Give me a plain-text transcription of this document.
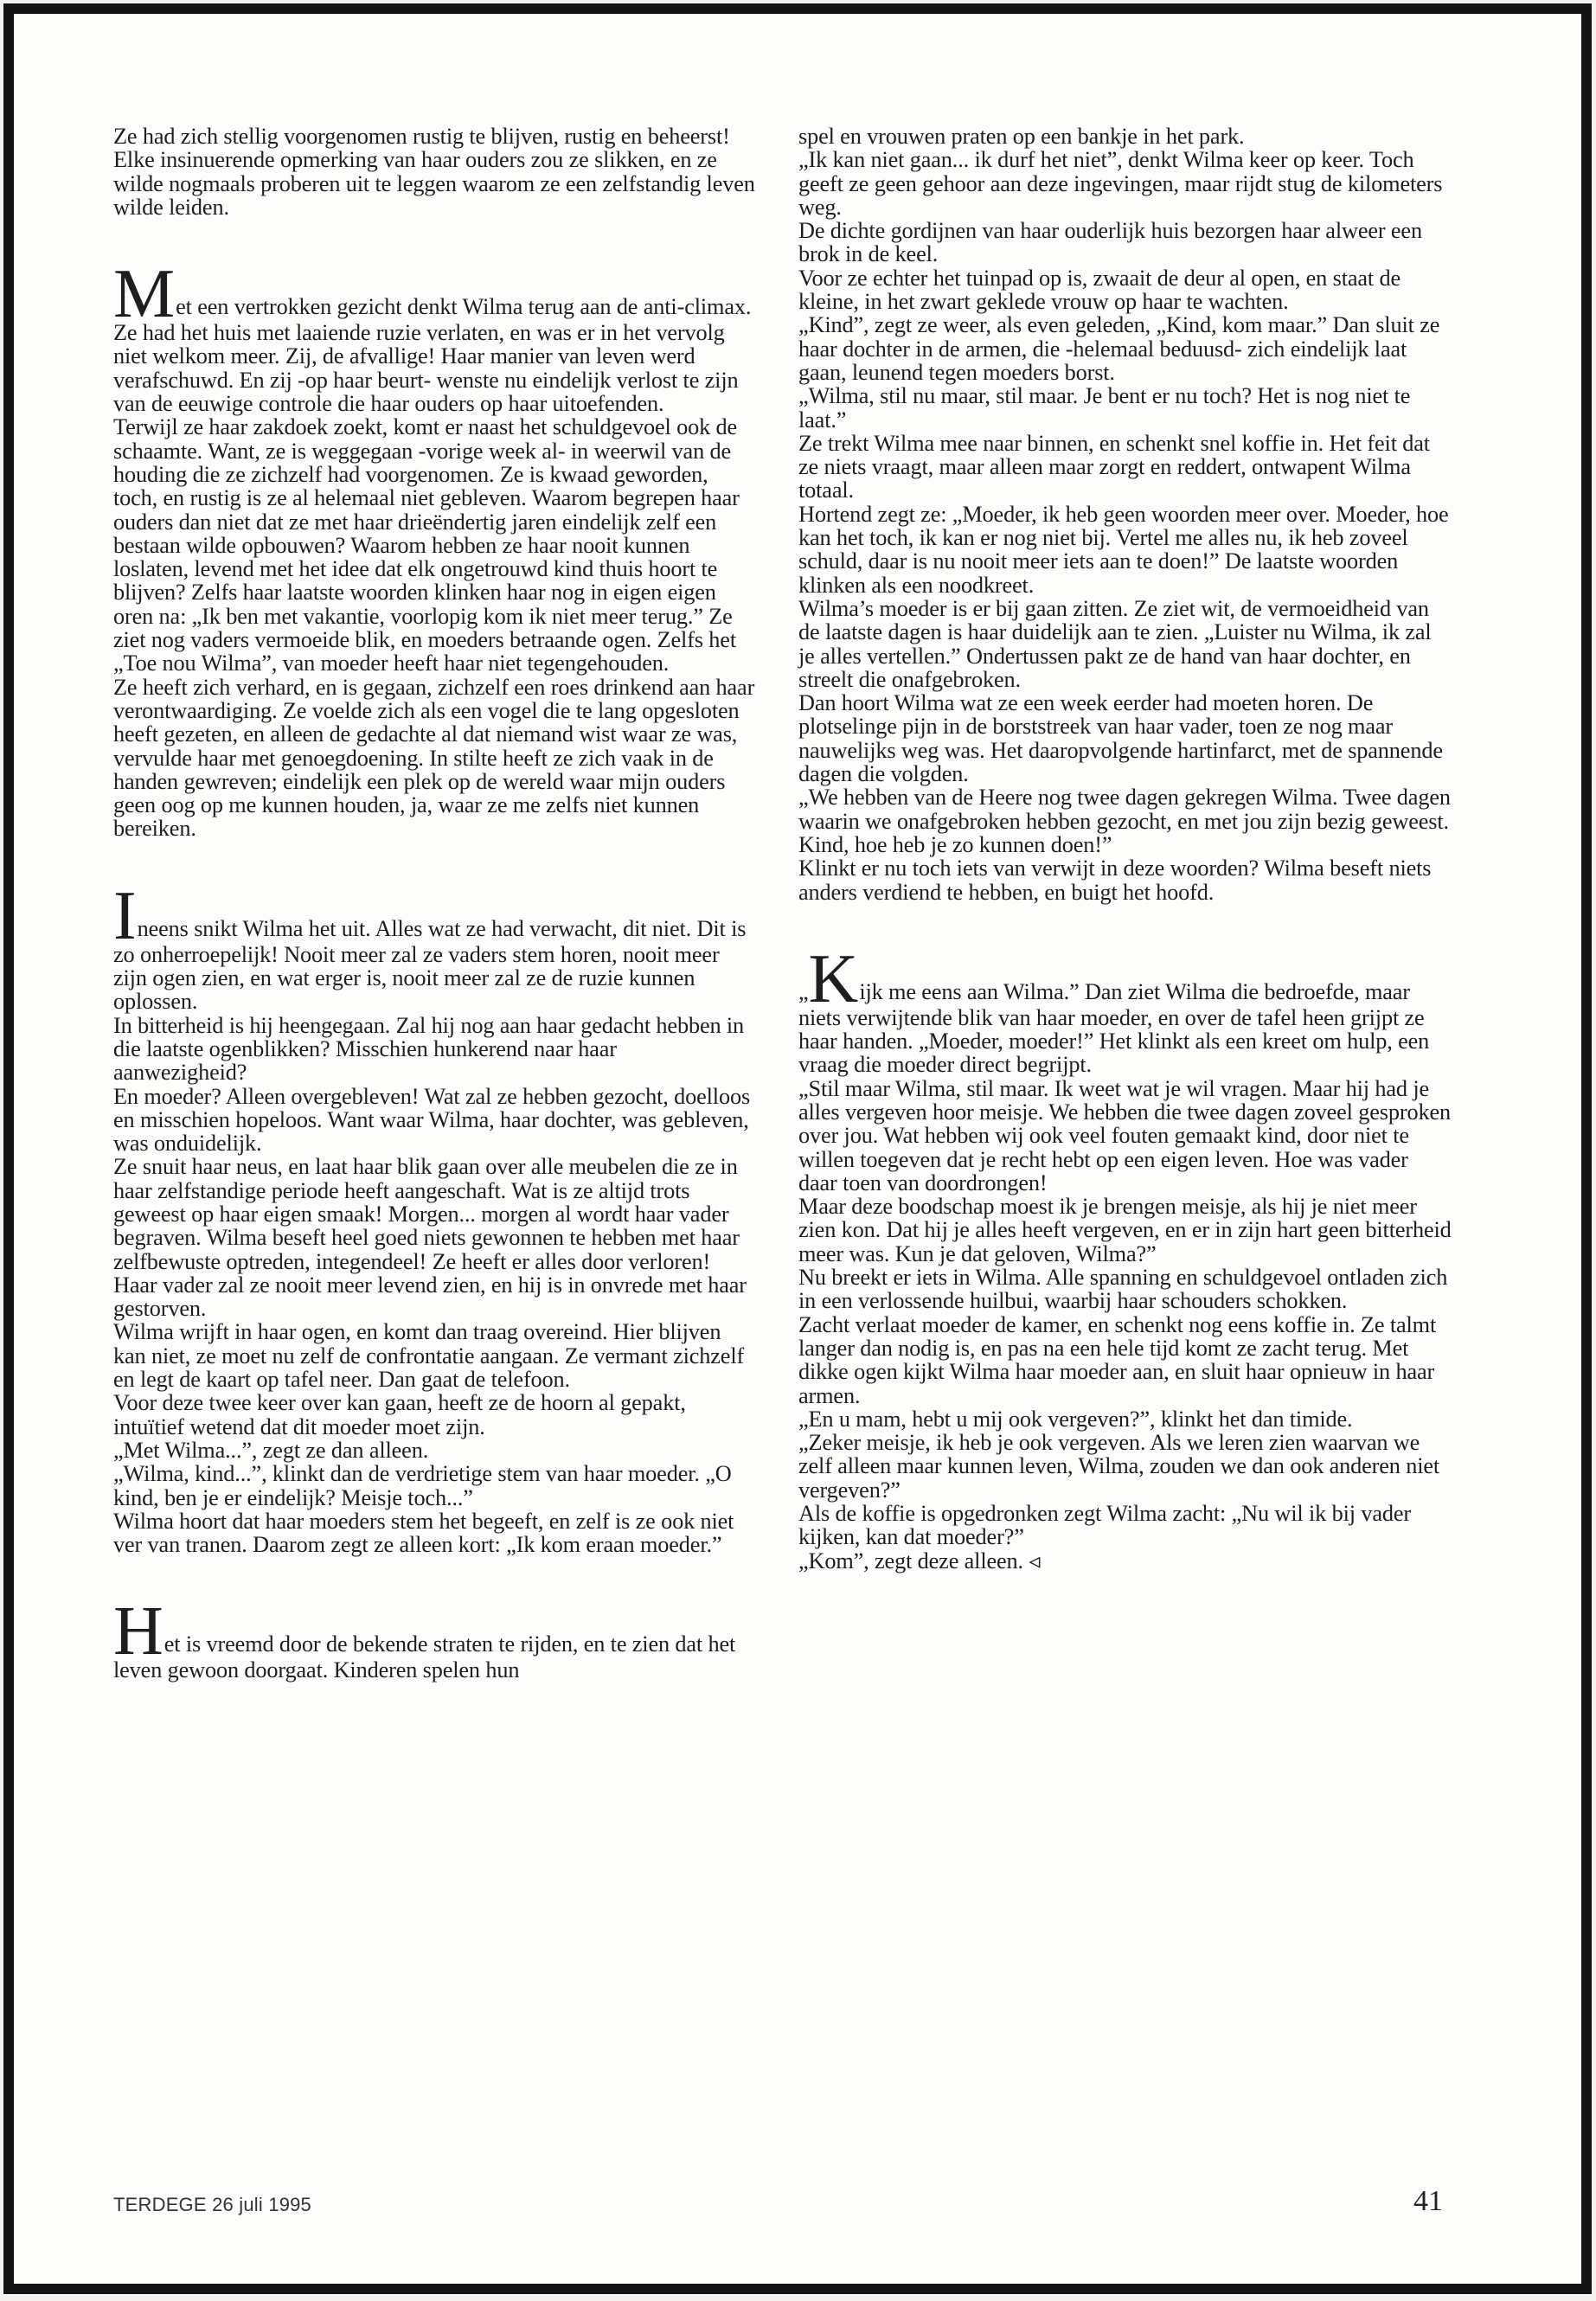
Ze had zich stellig voorgenomen rustig te blijven, rustig en beheerst! Elke insinuerende opmerking van haar ouders zou ze slikken, en ze wilde nogmaals proberen uit te leggen waarom ze een zelfstandig leven wilde leiden.

Met een vertrokken gezicht denkt Wilma terug aan de anti-climax. Ze had het huis met laaiende ruzie verlaten, en was er in het vervolg niet welkom meer. Zij, de afvallige! Haar manier van leven werd verafschuwd. En zij -op haar beurt- wenste nu eindelijk verlost te zijn van de eeuwige controle die haar ouders op haar uitoefenden.

Terwijl ze haar zakdoek zoekt, komt er naast het schuldgevoel ook de schaamte. Want, ze is weggegaan -vorige week al- in weerwil van de houding die ze zichzelf had voorgenomen. Ze is kwaad geworden, toch, en rustig is ze al helemaal niet gebleven. Waarom begrepen haar ouders dan niet dat ze met haar drieëndertig jaren eindelijk zelf een bestaan wilde opbouwen? Waarom hebben ze haar nooit kunnen loslaten, levend met het idee dat elk ongetrouwd kind thuis hoort te blijven? Zelfs haar laatste woorden klinken haar nog in eigen eigen oren na: „Ik ben met vakantie, voorlopig kom ik niet meer terug.” Ze ziet nog vaders vermoeide blik, en moeders betraande ogen. Zelfs het „Toe nou Wilma”, van moeder heeft haar niet tegengehouden.

Ze heeft zich verhard, en is gegaan, zichzelf een roes drinkend aan haar verontwaardiging. Ze voelde zich als een vogel die te lang opgesloten heeft gezeten, en alleen de gedachte al dat niemand wist waar ze was, vervulde haar met genoegdoening. In stilte heeft ze zich vaak in de handen gewreven; eindelijk een plek op de wereld waar mijn ouders geen oog op me kunnen houden, ja, waar ze me zelfs niet kunnen bereiken.

Ineens snikt Wilma het uit. Alles wat ze had verwacht, dit niet. Dit is zo onherroepelijk! Nooit meer zal ze vaders stem horen, nooit meer zijn ogen zien, en wat erger is, nooit meer zal ze de ruzie kunnen oplossen.

In bitterheid is hij heengegaan. Zal hij nog aan haar gedacht hebben in die laatste ogenblikken? Misschien hunkerend naar haar aanwezigheid?

En moeder? Alleen overgebleven! Wat zal ze hebben gezocht, doelloos en misschien hopeloos. Want waar Wilma, haar dochter, was gebleven, was onduidelijk.

Ze snuit haar neus, en laat haar blik gaan over alle meubelen die ze in haar zelfstandige periode heeft aangeschaft. Wat is ze altijd trots geweest op haar eigen smaak! Morgen... morgen al wordt haar vader begraven. Wilma beseft heel goed niets gewonnen te hebben met haar zelfbewuste optreden, integendeel! Ze heeft er alles door verloren! Haar vader zal ze nooit meer levend zien, en hij is in onvrede met haar gestorven.

Wilma wrijft in haar ogen, en komt dan traag overeind. Hier blijven kan niet, ze moet nu zelf de confrontatie aangaan. Ze vermant zichzelf en legt de kaart op tafel neer. Dan gaat de telefoon.

Voor deze twee keer over kan gaan, heeft ze de hoorn al gepakt, intuïtief wetend dat dit moeder moet zijn.

„Met Wilma...”, zegt ze dan alleen.

„Wilma, kind...”, klinkt dan de verdrietige stem van haar moeder. „O kind, ben je er eindelijk? Meisje toch...”

Wilma hoort dat haar moeders stem het begeeft, en zelf is ze ook niet ver van tranen. Daarom zegt ze alleen kort: „Ik kom eraan moeder.”

Het is vreemd door de bekende straten te rijden, en te zien dat het leven gewoon doorgaat. Kinderen spelen hun

spel en vrouwen praten op een bankje in het park.

„Ik kan niet gaan... ik durf het niet”, denkt Wilma keer op keer. Toch geeft ze geen gehoor aan deze ingevingen, maar rijdt stug de kilometers weg.

De dichte gordijnen van haar ouderlijk huis bezorgen haar alweer een brok in de keel.

Voor ze echter het tuinpad op is, zwaait de deur al open, en staat de kleine, in het zwart geklede vrouw op haar te wachten.

„Kind”, zegt ze weer, als even geleden, „Kind, kom maar.” Dan sluit ze haar dochter in de armen, die -helemaal beduusd- zich eindelijk laat gaan, leunend tegen moeders borst.

„Wilma, stil nu maar, stil maar. Je bent er nu toch? Het is nog niet te laat.”

Ze trekt Wilma mee naar binnen, en schenkt snel koffie in. Het feit dat ze niets vraagt, maar alleen maar zorgt en reddert, ontwapent Wilma totaal.

Hortend zegt ze: „Moeder, ik heb geen woorden meer over. Moeder, hoe kan het toch, ik kan er nog niet bij. Vertel me alles nu, ik heb zoveel schuld, daar is nu nooit meer iets aan te doen!” De laatste woorden klinken als een noodkreet.

Wilma’s moeder is er bij gaan zitten. Ze ziet wit, de vermoeidheid van de laatste dagen is haar duidelijk aan te zien. „Luister nu Wilma, ik zal je alles vertellen.” Ondertussen pakt ze de hand van haar dochter, en streelt die onafgebroken.

Dan hoort Wilma wat ze een week eerder had moeten horen. De plotselinge pijn in de borststreek van haar vader, toen ze nog maar nauwelijks weg was. Het daaropvolgende hartinfarct, met de spannende dagen die volgden.

„We hebben van de Heere nog twee dagen gekregen Wilma. Twee dagen waarin we onafgebroken hebben gezocht, en met jou zijn bezig geweest. Kind, hoe heb je zo kunnen doen!”

Klinkt er nu toch iets van verwijt in deze woorden? Wilma beseft niets anders verdiend te hebben, en buigt het hoofd.

„Kijk me eens aan Wilma.” Dan ziet Wilma die bedroefde, maar niets verwijtende blik van haar moeder, en over de tafel heen grijpt ze haar handen. „Moeder, moeder!” Het klinkt als een kreet om hulp, een vraag die moeder direct begrijpt.

„Stil maar Wilma, stil maar. Ik weet wat je wil vragen. Maar hij had je alles vergeven hoor meisje. We hebben die twee dagen zoveel gesproken over jou. Wat hebben wij ook veel fouten gemaakt kind, door niet te willen toegeven dat je recht hebt op een eigen leven. Hoe was vader daar toen van doordrongen!

Maar deze boodschap moest ik je brengen meisje, als hij je niet meer zien kon. Dat hij je alles heeft vergeven, en er in zijn hart geen bitterheid meer was. Kun je dat geloven, Wilma?”

Nu breekt er iets in Wilma. Alle spanning en schuldgevoel ontladen zich in een verlossende huilbui, waarbij haar schouders schokken.

Zacht verlaat moeder de kamer, en schenkt nog eens koffie in. Ze talmt langer dan nodig is, en pas na een hele tijd komt ze zacht terug. Met dikke ogen kijkt Wilma haar moeder aan, en sluit haar opnieuw in haar armen.

„En u mam, hebt u mij ook vergeven?”, klinkt het dan timide.

„Zeker meisje, ik heb je ook vergeven. Als we leren zien waarvan we zelf alleen maar kunnen leven, Wilma, zouden we dan ook anderen niet vergeven?”

Als de koffie is opgedronken zegt Wilma zacht: „Nu wil ik bij vader kijken, kan dat moeder?”

„Kom”, zegt deze alleen. ◃

TERDEGE 26 juli 1995	41
